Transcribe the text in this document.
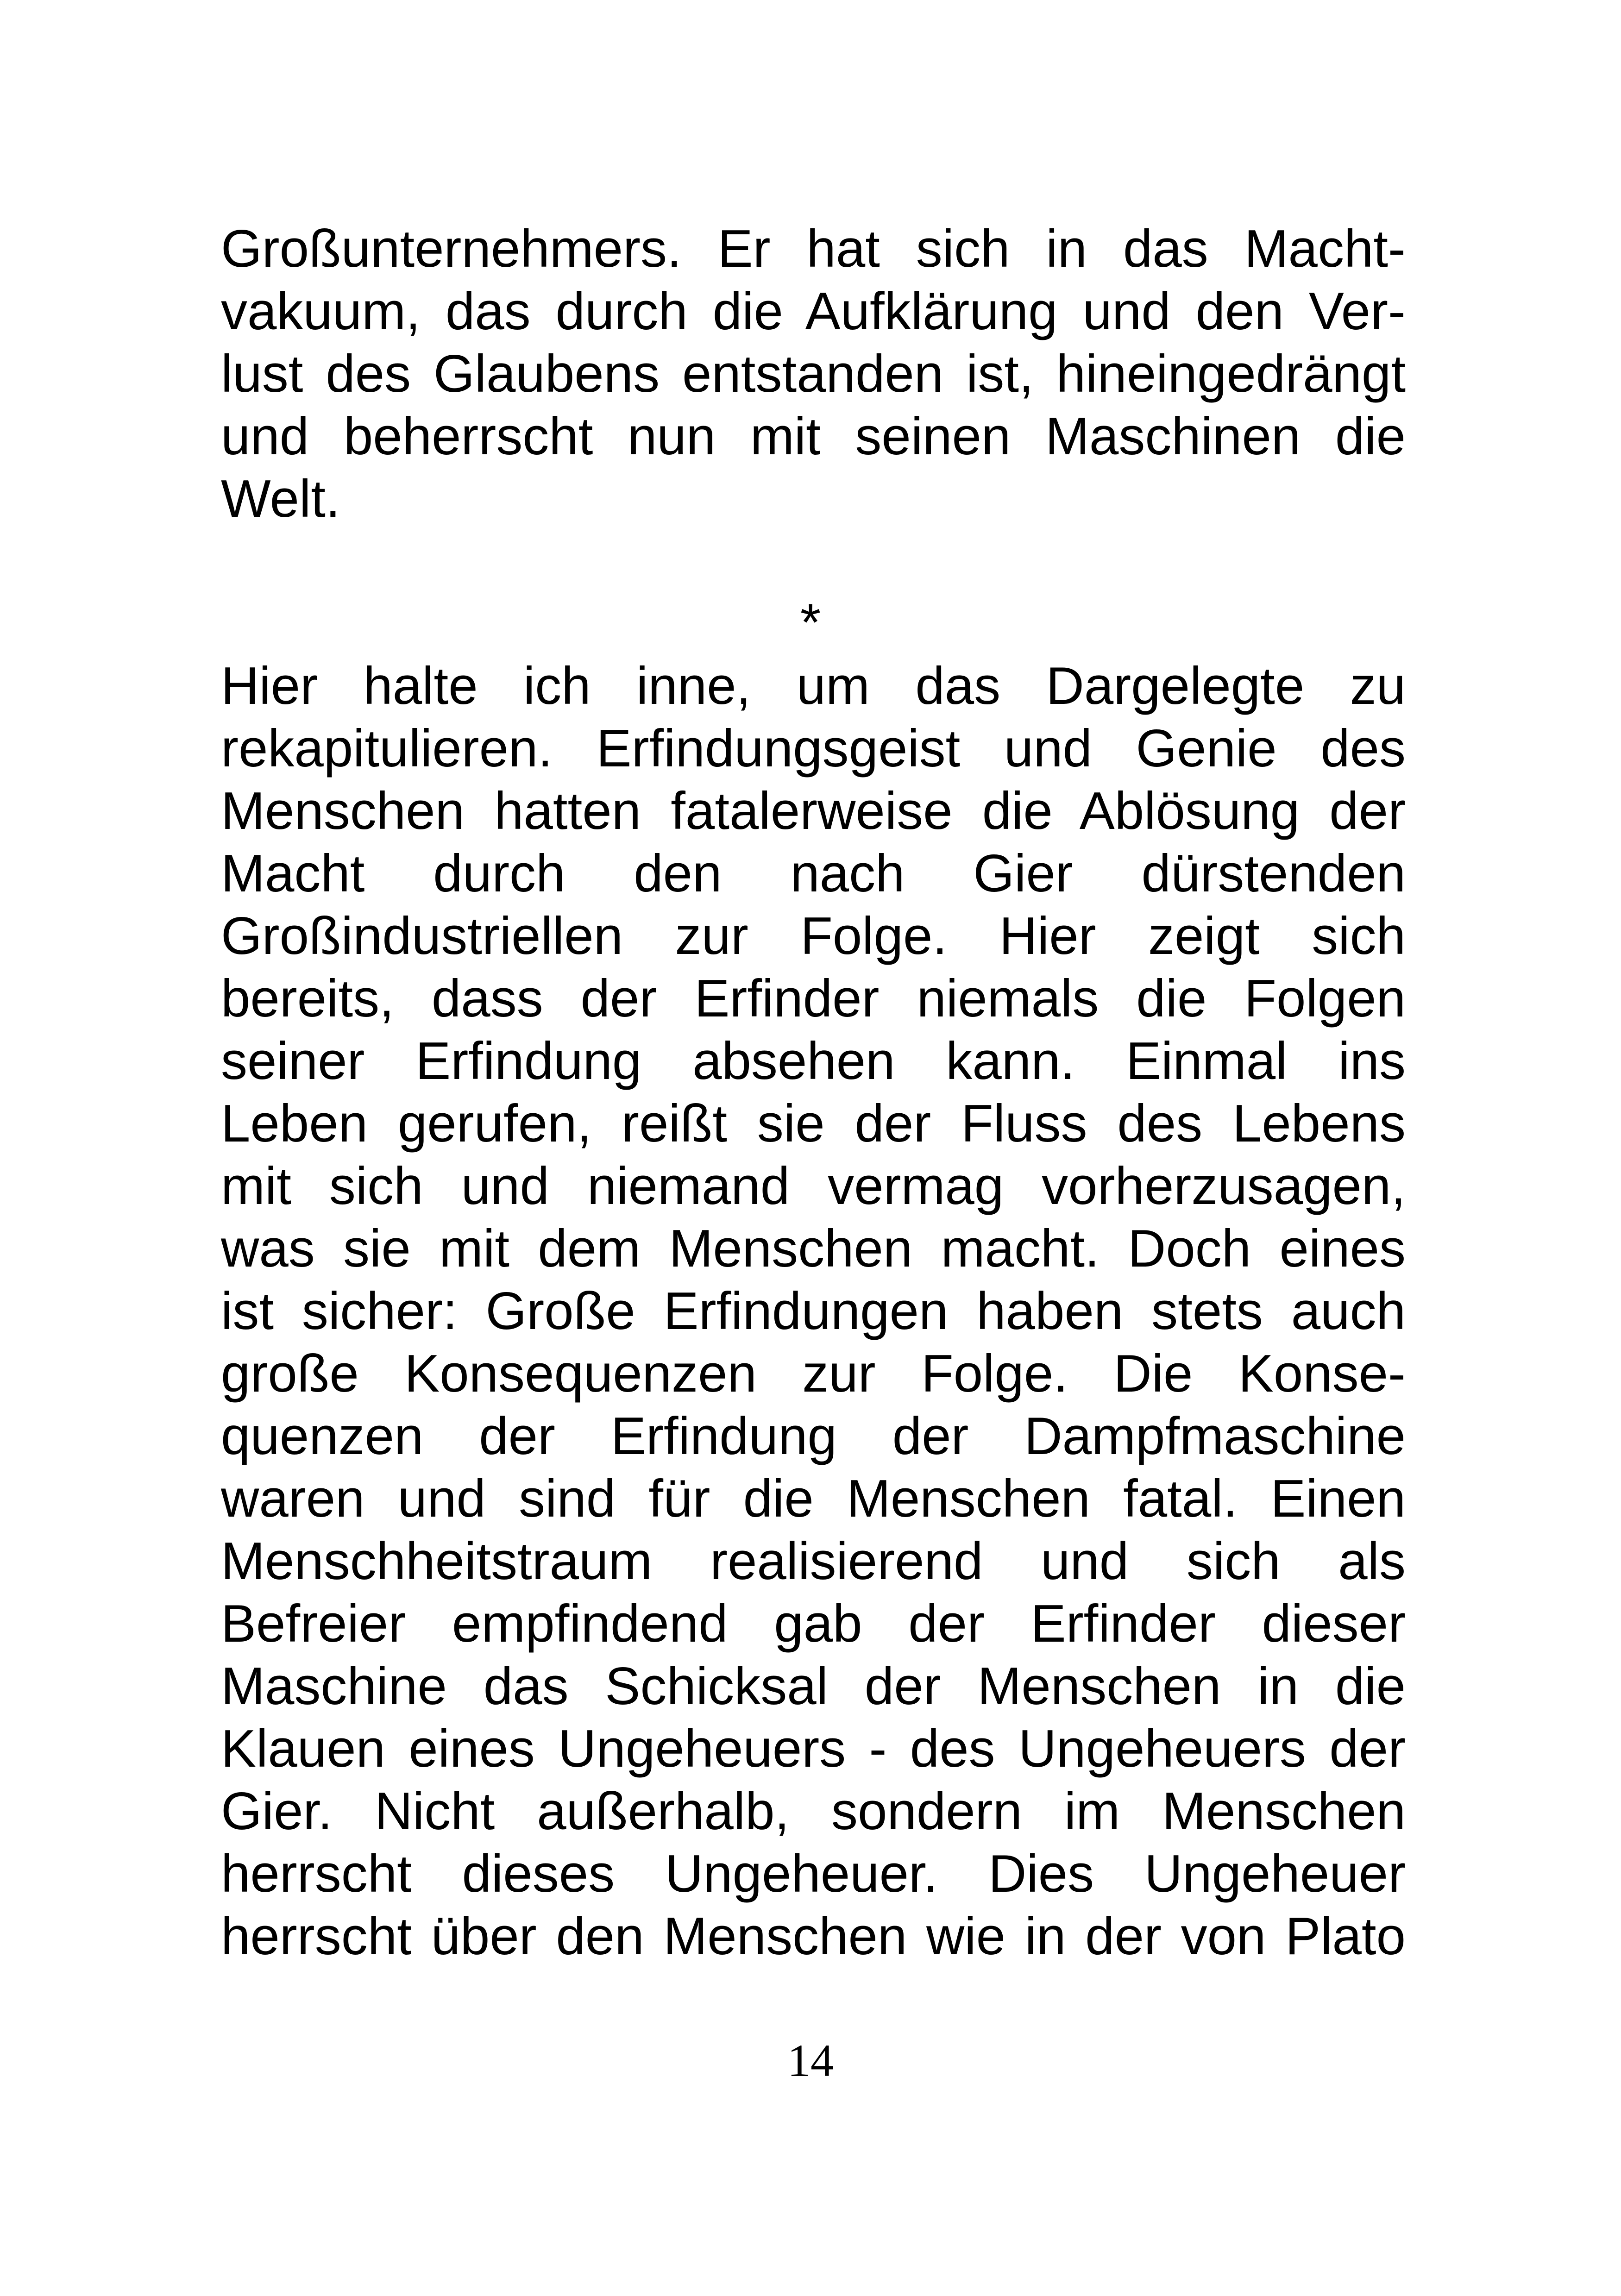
Großunternehmers. Er hat sich in das Macht-
vakuum, das durch die Aufklärung und den Ver-
lust des Glaubens entstanden ist, hineingedrängt
und beherrscht nun mit seinen Maschinen die
Welt.
*
Hier halte ich inne, um das Dargelegte zu
rekapitulieren. Erfindungsgeist und Genie des
Menschen hatten fatalerweise die Ablösung der
Macht durch den nach Gier dürstenden
Großindustriellen zur Folge. Hier zeigt sich
bereits, dass der Erfinder niemals die Folgen
seiner Erfindung absehen kann. Einmal ins
Leben gerufen, reißt sie der Fluss des Lebens
mit sich und niemand vermag vorherzusagen,
was sie mit dem Menschen macht. Doch eines
ist sicher: Große Erfindungen haben stets auch
große Konsequenzen zur Folge. Die Konse-
quenzen der Erfindung der Dampfmaschine
waren und sind für die Menschen fatal. Einen
Menschheitstraum realisierend und sich als
Befreier empfindend gab der Erfinder dieser
Maschine das Schicksal der Menschen in die
Klauen eines Ungeheuers - des Ungeheuers der
Gier. Nicht außerhalb, sondern im Menschen
herrscht dieses Ungeheuer. Dies Ungeheuer
herrscht über den Menschen wie in der von Plato
14
